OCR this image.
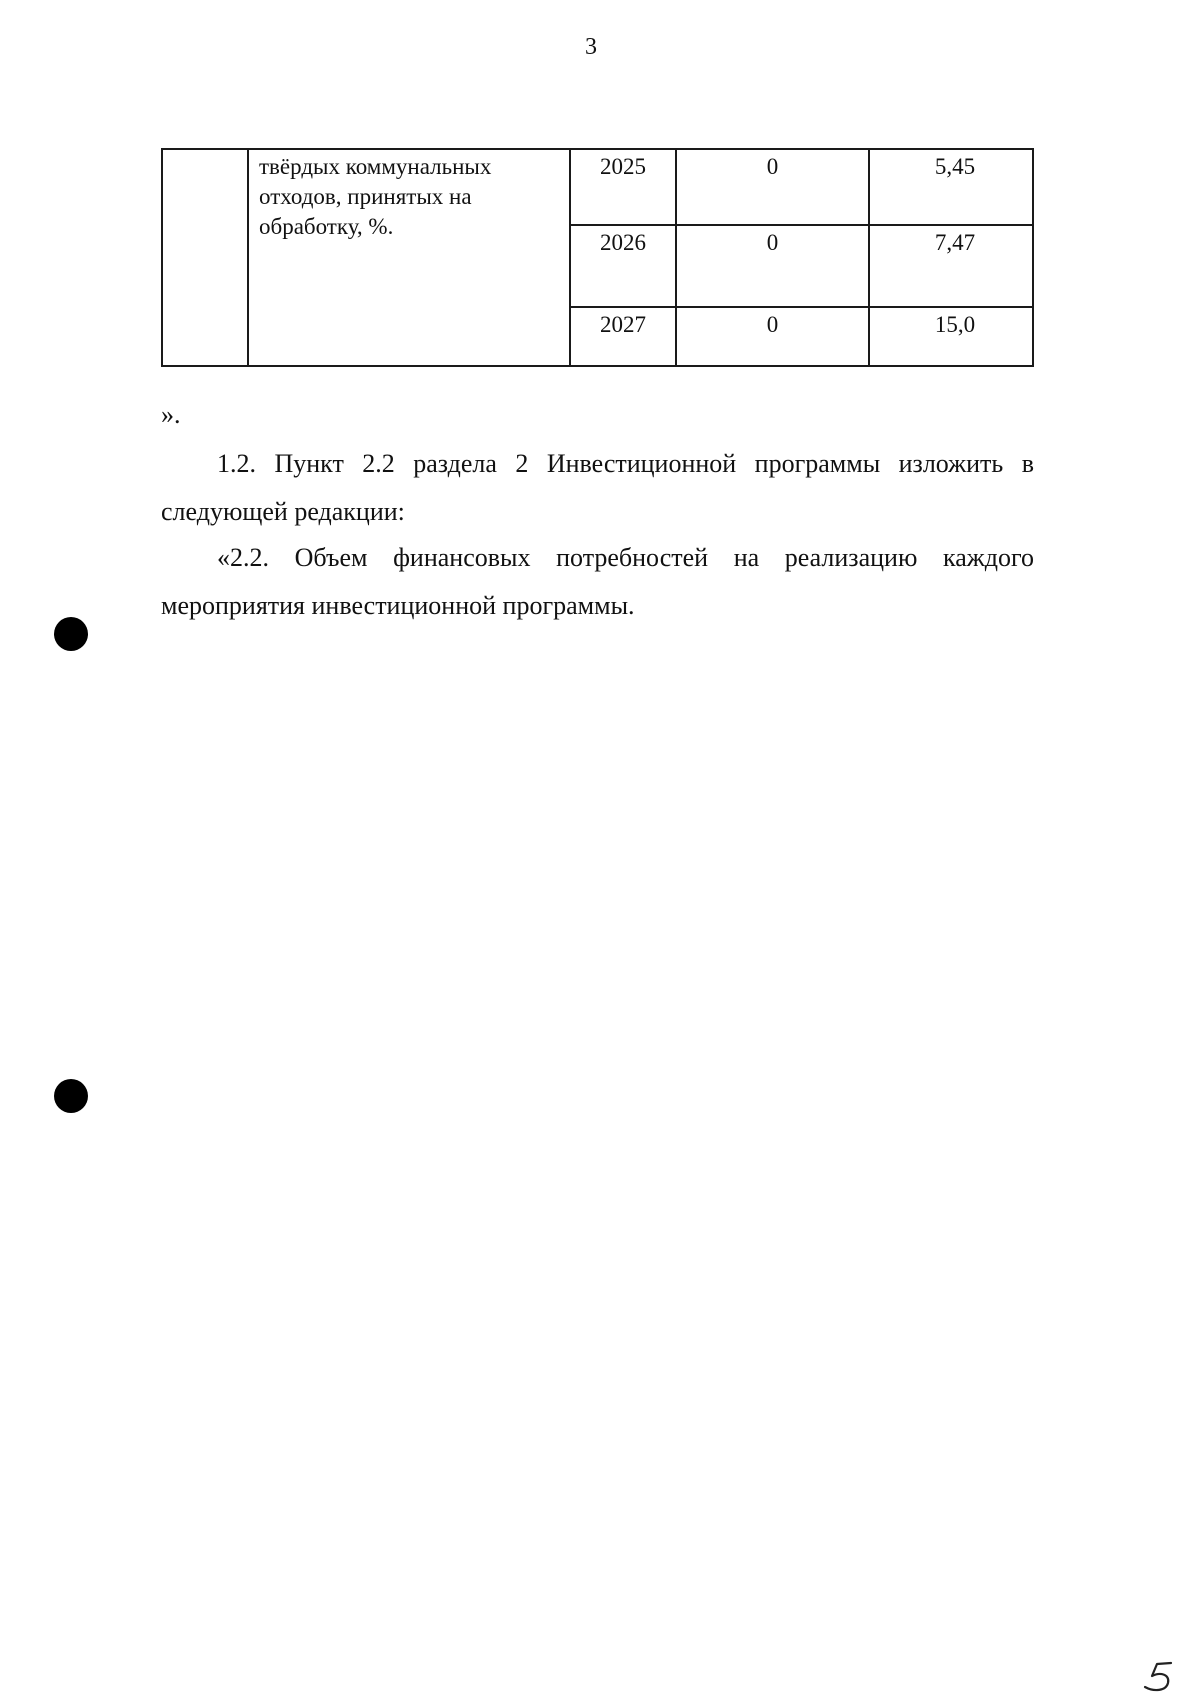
3
	твёрдых коммунальных отходов, принятых на обработку, %.	2025	0	5,45
		2026	0	7,47
		2027	0	15,0
».

1.2. Пункт 2.2 раздела 2 Инвестиционной программы изложить в следующей редакции:

«2.2. Объем финансовых потребностей на реализацию каждого мероприятия инвестиционной программы.
